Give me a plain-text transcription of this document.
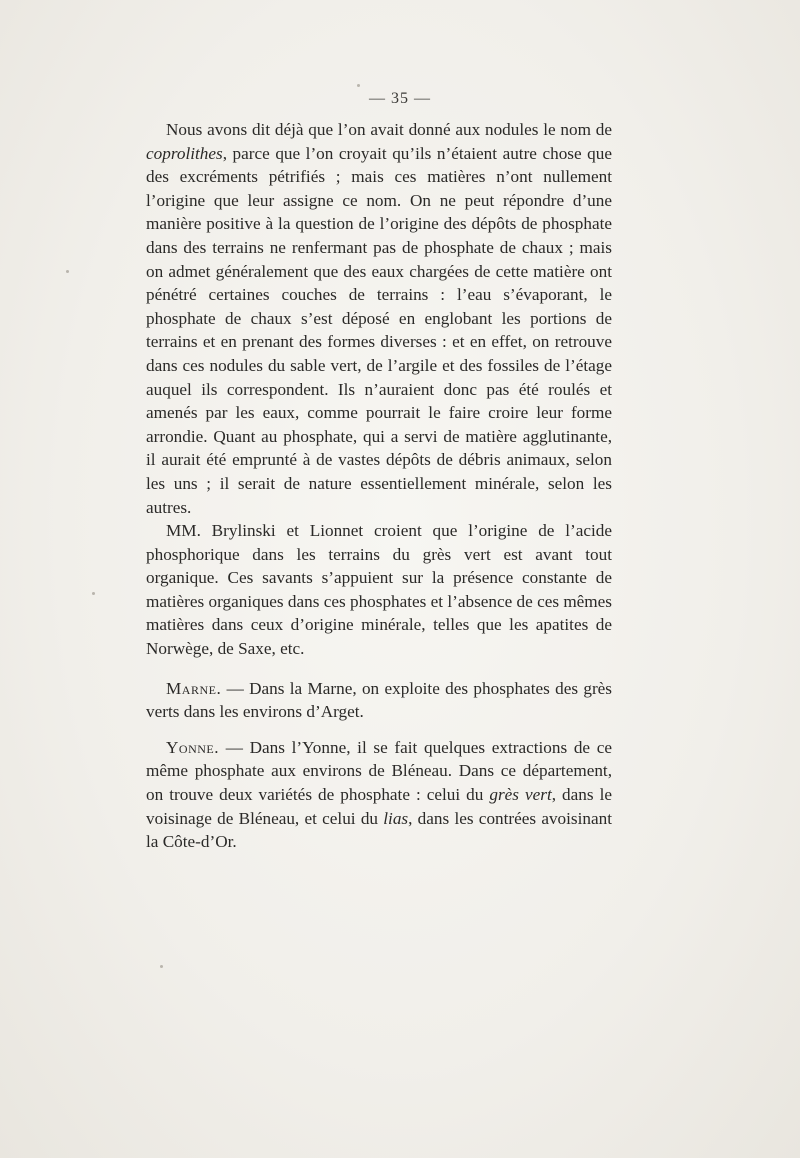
— 35 —

Nous avons dit déjà que l’on avait donné aux nodules le nom de coprolithes, parce que l’on croyait qu’ils n’étaient autre chose que des excréments pétrifiés ; mais ces matières n’ont nullement l’origine que leur assigne ce nom. On ne peut répondre d’une manière positive à la question de l’origine des dépôts de phosphate dans des terrains ne renfermant pas de phosphate de chaux ; mais on admet généralement que des eaux chargées de cette matière ont pénétré certaines couches de terrains : l’eau s’évaporant, le phosphate de chaux s’est déposé en englobant les portions de terrains et en prenant des formes diverses : et en effet, on retrouve dans ces nodules du sable vert, de l’argile et des fossiles de l’étage auquel ils correspondent. Ils n’auraient donc pas été roulés et amenés par les eaux, comme pourrait le faire croire leur forme arrondie. Quant au phosphate, qui a servi de matière agglutinante, il aurait été emprunté à de vastes dépôts de débris animaux, selon les uns ; il serait de nature essentiellement minérale, selon les autres.

MM. Brylinski et Lionnet croient que l’origine de l’acide phosphorique dans les terrains du grès vert est avant tout organique. Ces savants s’appuient sur la présence constante de matières organiques dans ces phosphates et l’absence de ces mêmes matières dans ceux d’origine minérale, telles que les apatites de Norwège, de Saxe, etc.

Marne. — Dans la Marne, on exploite des phosphates des grès verts dans les environs d’Arget.

Yonne. — Dans l’Yonne, il se fait quelques extractions de ce même phosphate aux environs de Bléneau. Dans ce département, on trouve deux variétés de phosphate : celui du grès vert, dans le voisinage de Bléneau, et celui du lias, dans les contrées avoisinant la Côte-d’Or.
